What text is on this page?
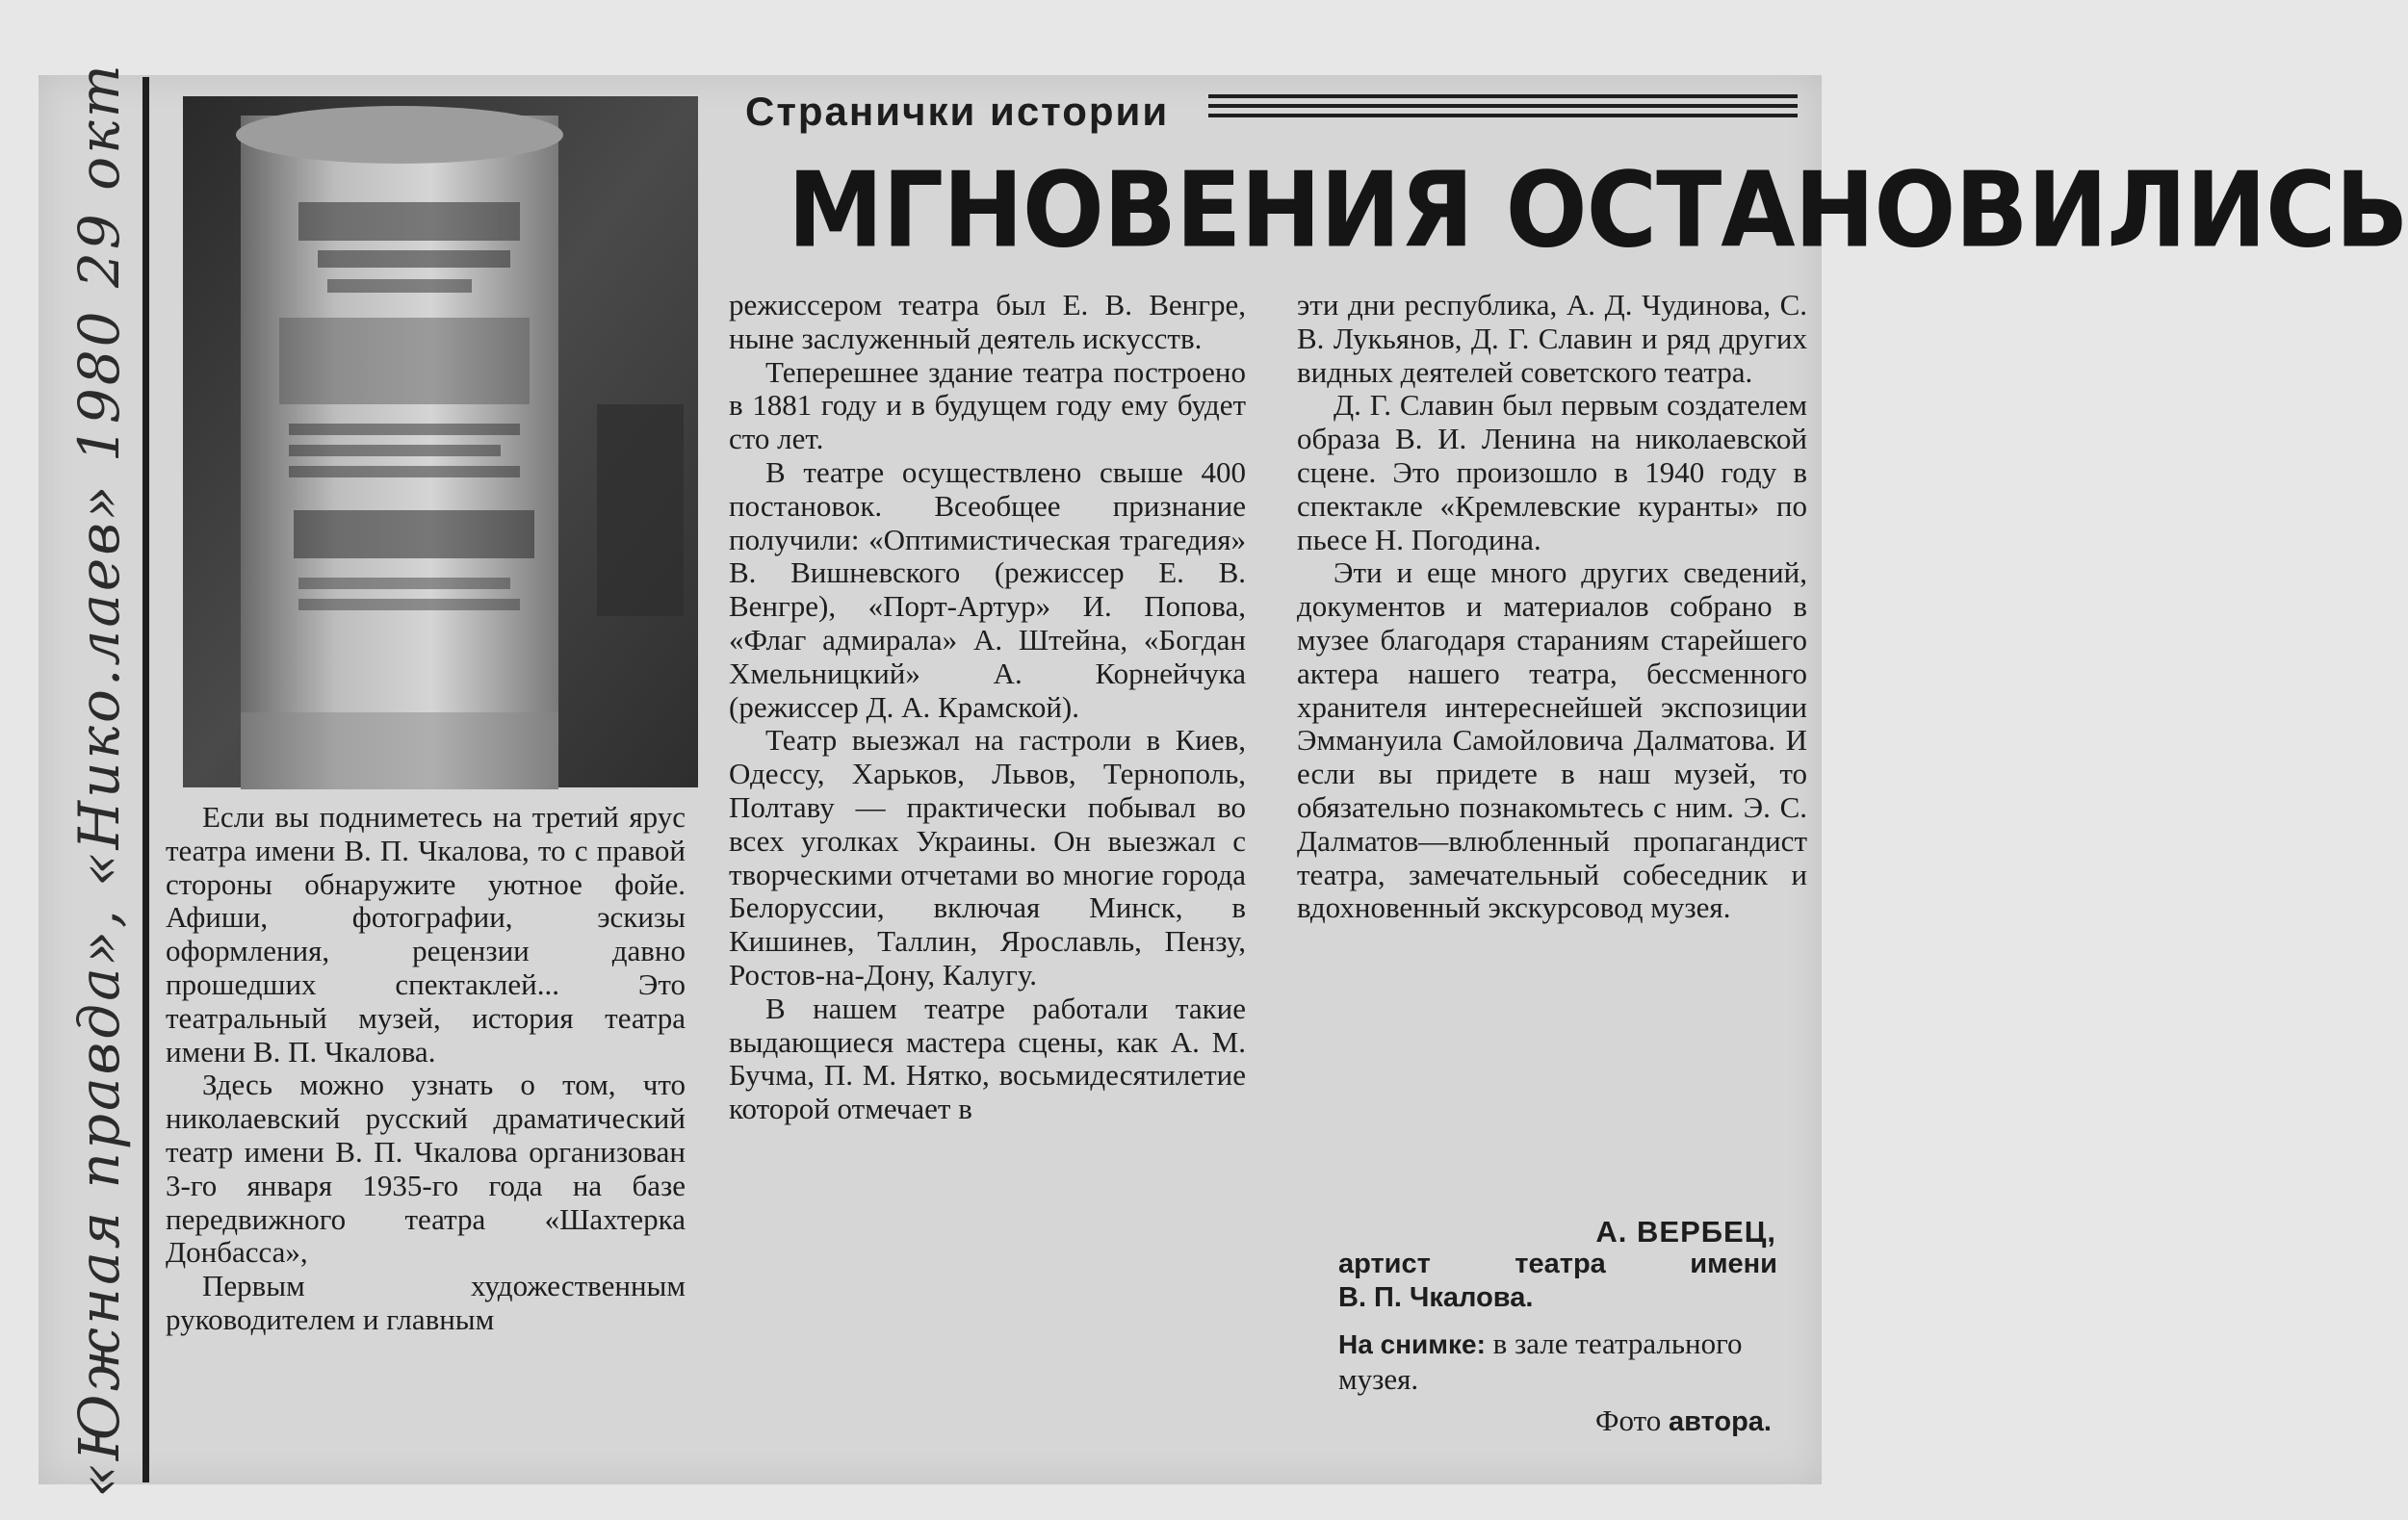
«Южная правда», «Нико.лаев» 1980 29 окт	Странички истории
МГНОВЕНИЯ ОСТАНОВИЛИСЬ

Если вы подниметесь на третий ярус театра имени В. П. Чкалова, то с правой стороны обнаружите уютное фойе. Афиши, фотографии, эскизы оформления, рецензии давно прошедших спектаклей... Это театральный музей, история театра имени В. П. Чкалова.

Здесь можно узнать о том, что николаевский русский драматический театр имени В. П. Чкалова организован 3-го января 1935-го года на базе передвижного театра «Шахтерка Донбасса»,

Первым художественным руководителем и главным

режиссером театра был Е. В. Венгре, ныне заслуженный деятель искусств.

Теперешнее здание театра построено в 1881 году и в будущем году ему будет сто лет.

В театре осуществлено свыше 400 постановок. Всеобщее признание получили: «Оптимистическая трагедия» В. Вишневского (режиссер Е. В. Венгре), «Порт-Артур» И. Попова, «Флаг адмирала» А. Штейна, «Богдан Хмельницкий» А. Корнейчука (режиссер Д. А. Крамской).

Театр выезжал на гастроли в Киев, Одессу, Харьков, Львов, Тернополь, Полтаву — практически побывал во всех уголках Украины. Он выезжал с творческими отчетами во многие города Белоруссии, включая Минск, в Кишинев, Таллин, Ярославль, Пензу, Ростов-на-Дону, Калугу.

В нашем театре работали такие выдающиеся мастера сцены, как А. М. Бучма, П. М. Нятко, восьмидесятилетие которой отмечает в

эти дни республика, А. Д. Чудинова, С. В. Лукьянов, Д. Г. Славин и ряд других видных деятелей советского театра.

Д. Г. Славин был первым создателем образа В. И. Ленина на николаевской сцене. Это произошло в 1940 году в спектакле «Кремлевские куранты» по пьесе Н. Погодина.

Эти и еще много других сведений, документов и материалов собрано в музее благодаря стараниям старейшего актера нашего театра, бессменного хранителя интереснейшей экспозиции Эммануила Самойловича Далматова. И если вы придете в наш музей, то обязательно познакомьтесь с ним. Э. С. Далматов—влюбленный пропагандист театра, замечательный собеседник и вдохновенный экскурсовод музея.

А. ВЕРБЕЦ,
артист театра имени
В. П. Чкалова.
На снимке: в зале театрального музея.
Фото автора.
